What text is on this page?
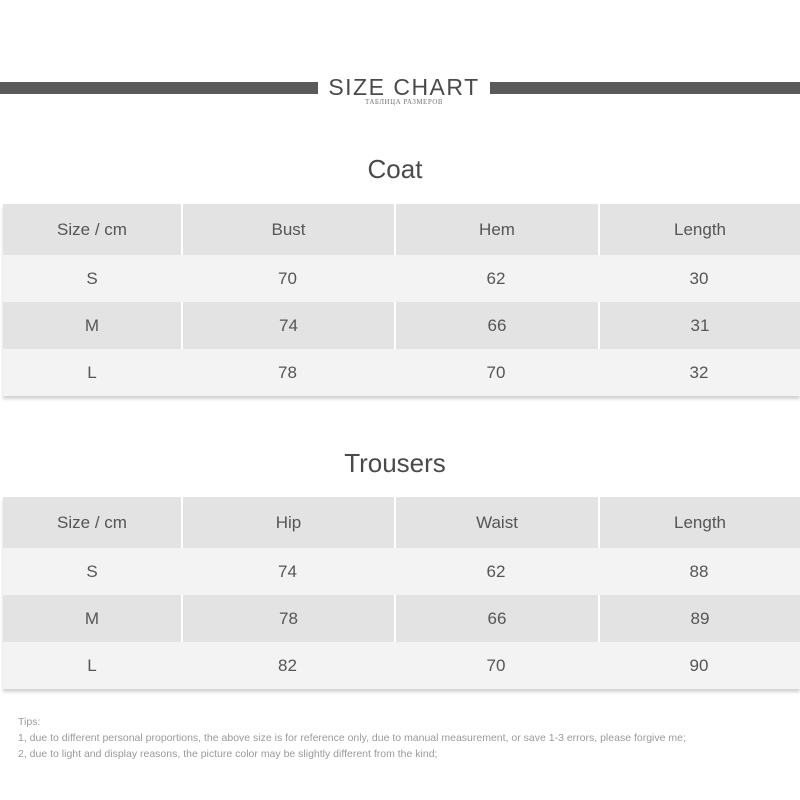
SIZE CHART
ТАБЛИЦА РАЗМЕРОВ
Coat
Size / cm	Bust	Hem	Length
S	70	62	30
M	74	66	31
L	78	70	32
Trousers
Size / cm	Hip	Waist	Length
S	74	62	88
M	78	66	89
L	82	70	90
Tips:
1, due to different personal proportions, the above size is for reference only, due to manual measurement, or save 1-3 errors, please forgive me;
2, due to light and display reasons, the picture color may be slightly different from the kind;
